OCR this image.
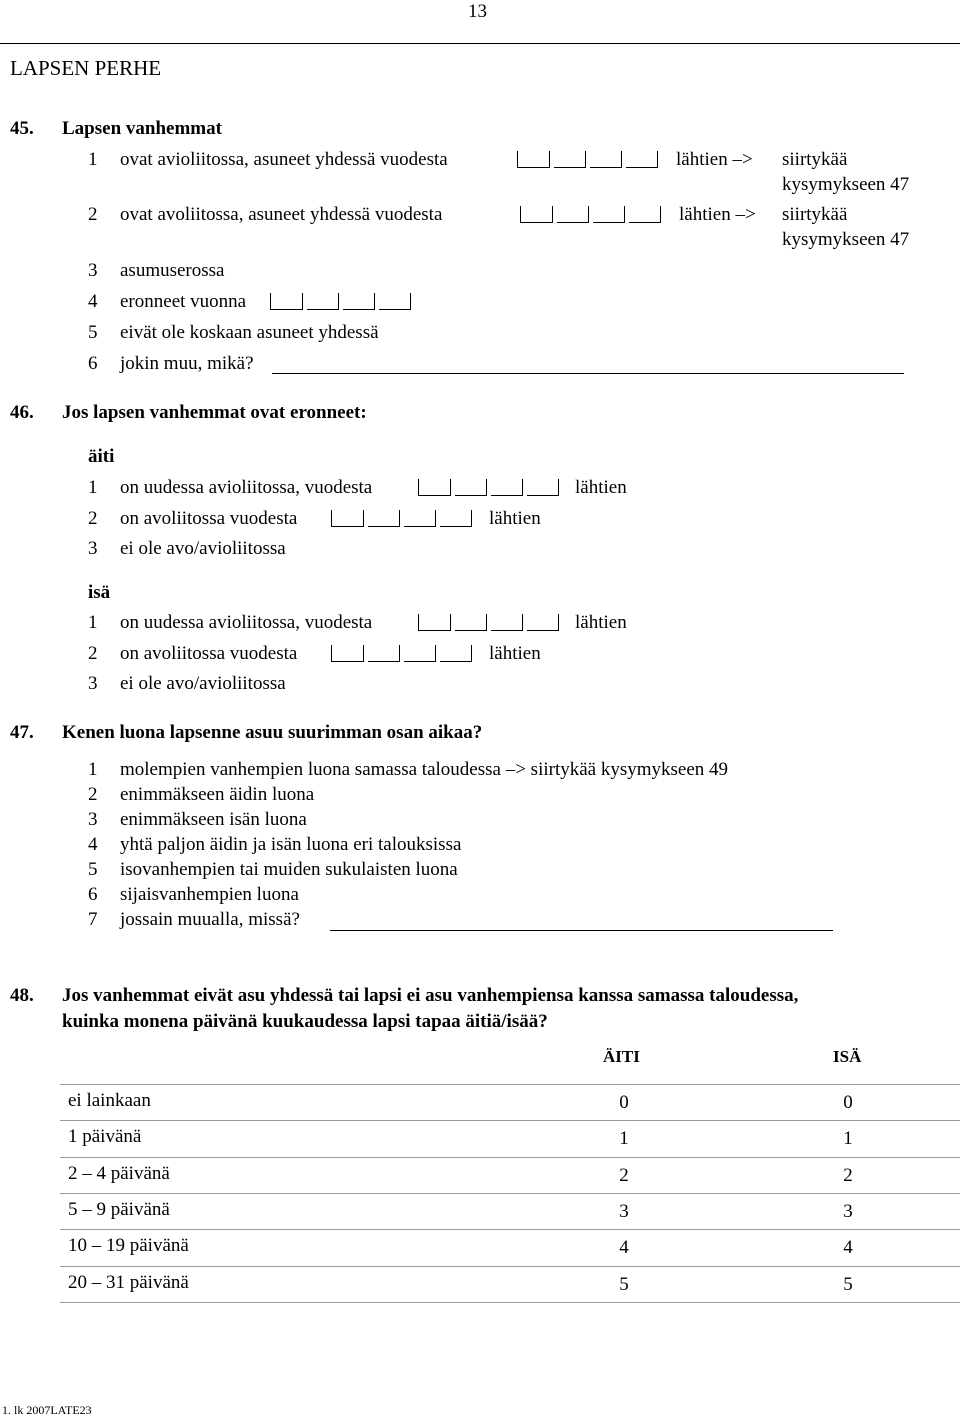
13
LAPSEN PERHE
45. Lapsen vanhemmat
1 ovat avioliitossa, asuneet yhdessä vuodesta	lähtien –> siirtykää
kysymykseen 47
2 ovat avoliitossa, asuneet yhdessä vuodesta	lähtien –> siirtykää
kysymykseen 47
3 asumuserossa
4 eronneet vuonna
5 eivät ole koskaan asuneet yhdessä
6 jokin muu, mikä?
46. Jos lapsen vanhemmat ovat eronneet:
äiti
1 on uudessa avioliitossa, vuodesta	lähtien
2 on avoliitossa vuodesta	lähtien
3 ei ole avo/avioliitossa
isä
1 on uudessa avioliitossa, vuodesta	lähtien
2 on avoliitossa vuodesta	lähtien
3 ei ole avo/avioliitossa
47. Kenen luona lapsenne asuu suurimman osan aikaa?
1 molempien vanhempien luona samassa taloudessa –> siirtykää kysymykseen 49
2 enimmäkseen äidin luona
3 enimmäkseen isän luona
4 yhtä paljon äidin ja isän luona eri talouksissa
5 isovanhempien tai muiden sukulaisten luona
6 sijaisvanhempien luona
7 jossain muualla, missä?
48. Jos vanhemmat eivät asu yhdessä tai lapsi ei asu vanhempiensa kanssa samassa taloudessa,
kuinka monena päivänä kuukaudessa lapsi tapaa äitiä/isää?
ÄITI	ISÄ
ei lainkaan	0	0
1 päivänä	1	1
2 – 4 päivänä	2	2
5 – 9 päivänä	3	3
10 – 19 päivänä	4	4
20 – 31 päivänä	5	5
1. lk 2007LATE23
